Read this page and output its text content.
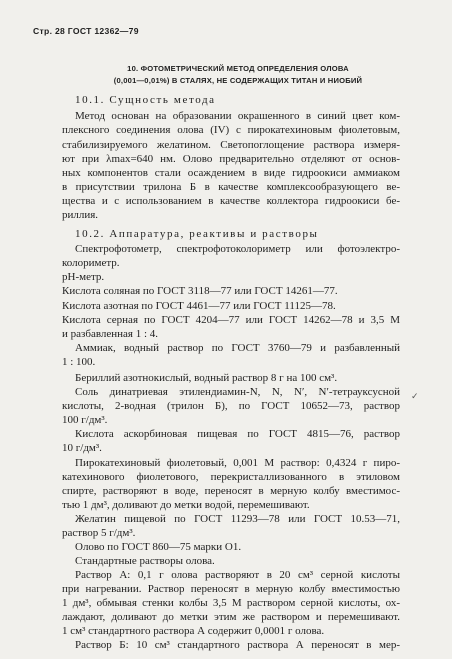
Стр. 28 ГОСТ 12362—79
10. ФОТОМЕТРИЧЕСКИЙ МЕТОД ОПРЕДЕЛЕНИЯ ОЛОВА
(0,001—0,01%) В СТАЛЯХ, НЕ СОДЕРЖАЩИХ ТИТАН И НИОБИЙ
10.1. Сущность метода
Метод основан на образовании окрашенного в синий цвет ком-
плексного соединения олова (IV) с пирокатехиновым фиолетовым,
стабилизируемого желатином. Светопоглощение раствора измеря-
ют при λmax=640 нм. Олово предварительно отделяют от основ-
ных компонентов стали осаждением в виде гидроокиси аммиаком
в присутствии трилона Б в качестве комплексообразующего ве-
щества и с использованием в качестве коллектора гидроокиси бе-
риллия.
10.2. Аппаратура, реактивы и растворы
Спектрофотометр, спектрофотоколориметр или фотоэлектро-
колориметр.
pH-метр.
Кислота соляная по ГОСТ 3118—77 или ГОСТ 14261—77.
Кислота азотная по ГОСТ 4461—77 или ГОСТ 11125—78.
Кислота серная по ГОСТ 4204—77 или ГОСТ 14262—78 и 3,5 М
и разбавленная 1 : 4.
Аммиак, водный раствор по ГОСТ 3760—79 и разбавленный
1 : 100.
Бериллий азотнокислый, водный раствор 8 г на 100 см³.
Соль динатриевая этилендиамин-N, N, N′, N′-тетрауксусной
кислоты, 2-водная (трилон Б), по ГОСТ 10652—73, раствор
100 г/дм³.
Кислота аскорбиновая пищевая по ГОСТ 4815—76, раствор
10 г/дм³.
Пирокатехиновый фиолетовый, 0,001 М раствор: 0,4324 г пиро-
катехинового фиолетового, перекристаллизованного в этиловом
спирте, растворяют в воде, переносят в мерную колбу вместимос-
тью 1 дм³, доливают до метки водой, перемешивают.
Желатин пищевой по ГОСТ 11293—78 или ГОСТ 10.53—71,
раствор 5 г/дм³.
Олово по ГОСТ 860—75 марки О1.
Стандартные растворы олова.
Раствор А: 0,1 г олова растворяют в 20 см³ серной кислоты
при нагревании. Раствор переносят в мерную колбу вместимостью
1 дм³, обмывая стенки колбы 3,5 М раствором серной кислоты, ох-
лаждают, доливают до метки этим же раствором и перемешивают.
1 см³ стандартного раствора А содержит 0,0001 г олова.
Раствор Б: 10 см³ стандартного раствора А переносят в мер-
✓
